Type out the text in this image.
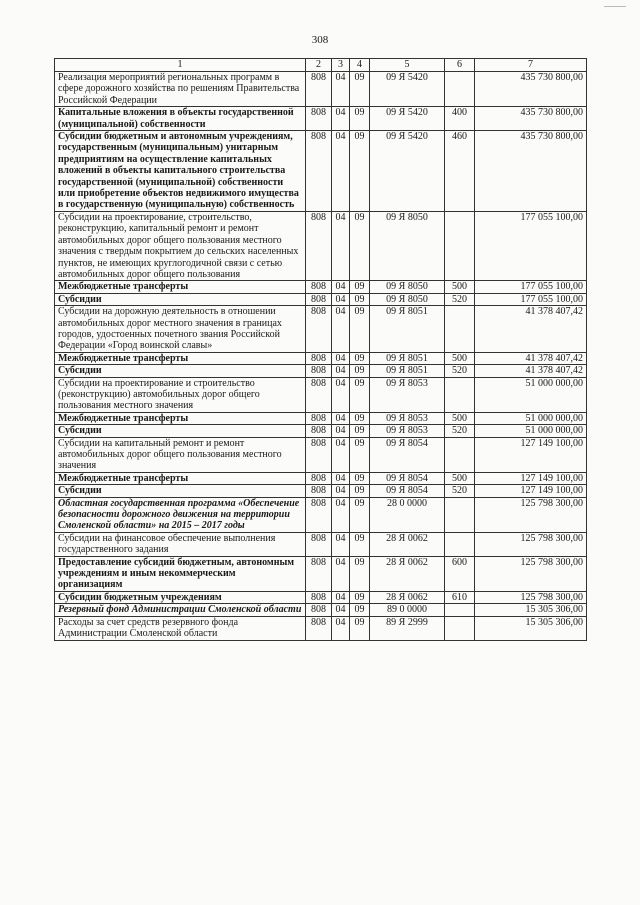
308
1	2	3	4	5	6	7
Реализация мероприятий региональных программ в сфере дорожного хозяйства по решениям Правительства Российской Федерации	808	04	09	09 Я 5420		435 730 800,00
Капитальные вложения в объекты государственной (муниципальной) собственности	808	04	09	09 Я 5420	400	435 730 800,00
Субсидии бюджетным и автономным учреждениям, государственным (муниципальным) унитарным предприятиям на осуществление капитальных вложений в объекты капитального строительства государственной (муниципальной) собственности или приобретение объектов недвижимого имущества в государственную (муниципальную) собственность	808	04	09	09 Я 5420	460	435 730 800,00
Субсидии на проектирование, строительство, реконструкцию, капитальный ремонт и ремонт автомобильных дорог общего пользования местного значения с твердым покрытием до сельских населенных пунктов, не имеющих круглогодичной связи с сетью автомобильных дорог общего пользования	808	04	09	09 Я 8050		177 055 100,00
Межбюджетные трансферты	808	04	09	09 Я 8050	500	177 055 100,00
Субсидии	808	04	09	09 Я 8050	520	177 055 100,00
Субсидии на дорожную деятельность в отношении автомобильных дорог местного значения в границах городов, удостоенных почетного звания Российской Федерации «Город воинской славы»	808	04	09	09 Я 8051		41 378 407,42
Межбюджетные трансферты	808	04	09	09 Я 8051	500	41 378 407,42
Субсидии	808	04	09	09 Я 8051	520	41 378 407,42
Субсидии на проектирование и строительство (реконструкцию) автомобильных дорог общего пользования местного значения	808	04	09	09 Я 8053		51 000 000,00
Межбюджетные трансферты	808	04	09	09 Я 8053	500	51 000 000,00
Субсидии	808	04	09	09 Я 8053	520	51 000 000,00
Субсидии на капитальный ремонт и ремонт автомобильных дорог общего пользования местного значения	808	04	09	09 Я 8054		127 149 100,00
Межбюджетные трансферты	808	04	09	09 Я 8054	500	127 149 100,00
Субсидии	808	04	09	09 Я 8054	520	127 149 100,00
Областная государственная программа «Обеспечение безопасности дорожного движения на территории Смоленской области» на 2015 – 2017 годы	808	04	09	28 0 0000		125 798 300,00
Субсидии на финансовое обеспечение выполнения государственного задания	808	04	09	28 Я 0062		125 798 300,00
Предоставление субсидий бюджетным, автономным учреждениям и иным некоммерческим организациям	808	04	09	28 Я 0062	600	125 798 300,00
Субсидии бюджетным учреждениям	808	04	09	28 Я 0062	610	125 798 300,00
Резервный фонд Администрации Смоленской области	808	04	09	89 0 0000		15 305 306,00
Расходы за счет средств резервного фонда Администрации Смоленской области	808	04	09	89 Я 2999		15 305 306,00
